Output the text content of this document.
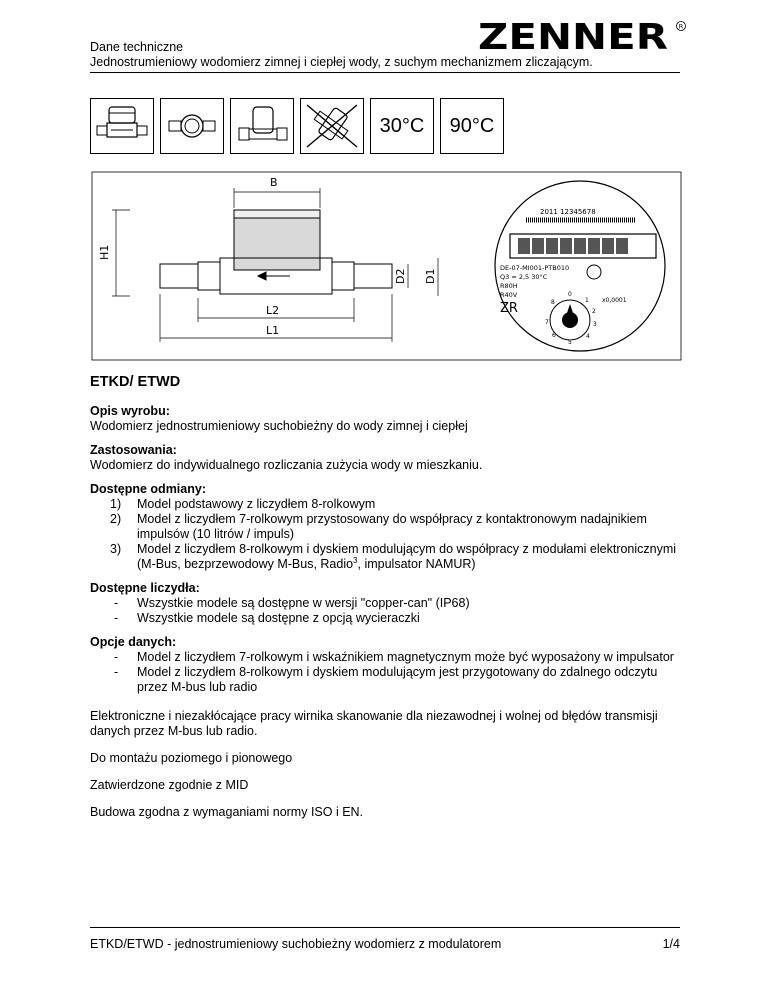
Dane techniczne
Jednostrumieniowy wodomierz zimnej i ciepłej wody, z suchym mechanizmem zliczającym.
ZENNER R
30°C 90°C
B
H1
D2 D1
L2
L1
2011 12345678
DE-07-MI001-PTB010
Q3 = 2,5 30°C
R80H
R40V
ZR
x0,0001
0
1
2
3
4
5
6
7
8
ETKD/ ETWD
Opis wyrobu:
Wodomierz jednostrumieniowy suchobieżny do wody zimnej i ciepłej
Zastosowania:
Wodomierz do indywidualnego rozliczania zużycia wody w mieszkaniu.
Dostępne odmiany:
1)	Model podstawowy z liczydłem 8-rolkowym
2)	Model z liczydłem 7-rolkowym przystosowany do współpracy z kontaktronowym nadajnikiem impulsów (10 litrów / impuls)
3)	Model z liczydłem 8-rolkowym i dyskiem modulującym do współpracy z modułami elektronicznymi (M-Bus, bezprzewodowy M-Bus, Radio$^3$, impulsator NAMUR)
Dostępne liczydła:
- Wszystkie modele są dostępne w wersji "copper-can" (IP68)
- Wszystkie modele są dostępne z opcją wycieraczki
Opcje danych:
- Model z liczydłem 7-rolkowym i wskaźnikiem magnetycznym może być wyposażony w impulsator
- Model z liczydłem 8-rolkowym i dyskiem modulującym jest przygotowany do zdalnego odczytu przez M-bus lub radio
Elektroniczne i niezakłócające pracy wirnika skanowanie dla niezawodnej i wolnej od błędów transmisji danych przez M-bus lub radio.
Do montażu poziomego i pionowego
Zatwierdzone zgodnie z MID
Budowa zgodna z wymaganiami normy ISO i EN.
ETKD/ETWD - jednostrumieniowy suchobieżny wodomierz z modulatorem	1/4
